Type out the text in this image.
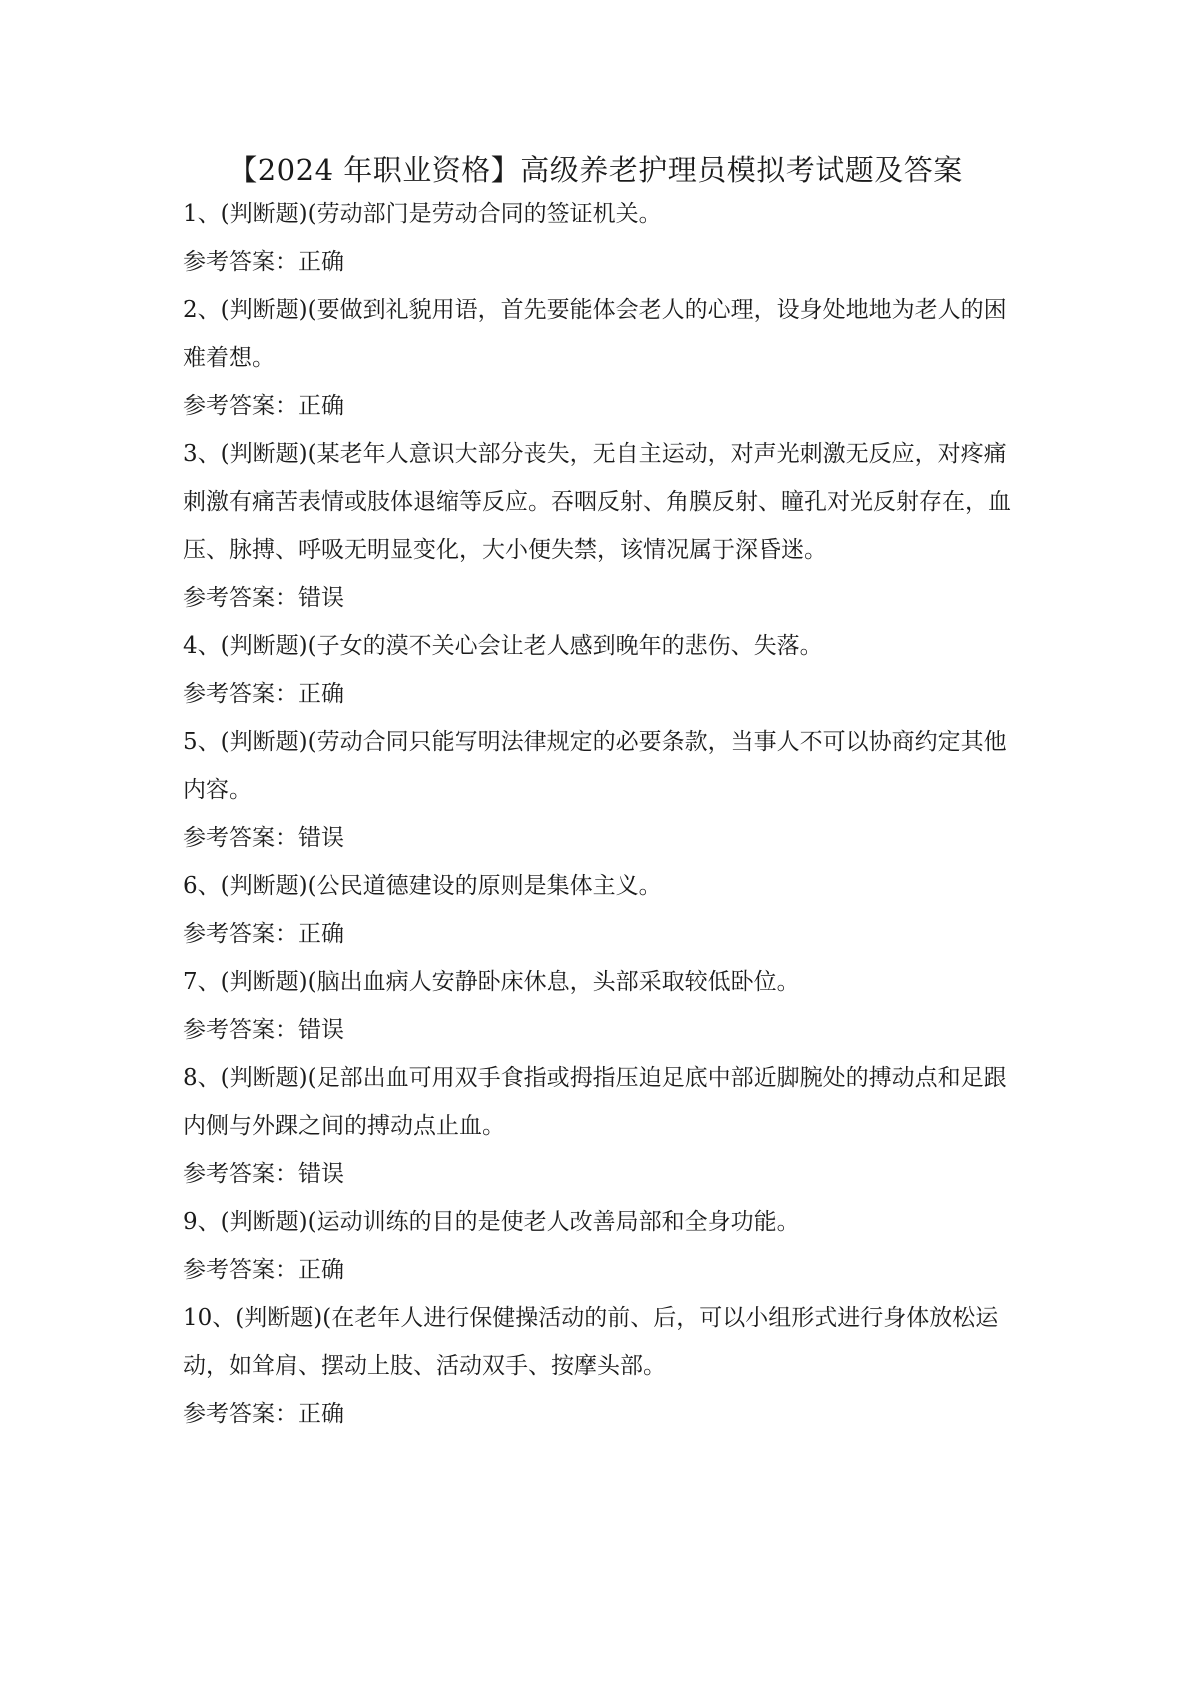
【2024 年职业资格】高级养老护理员模拟考试题及答案

1、(判断题)(劳动部门是劳动合同的签证机关。

参考答案：正确

2、(判断题)(要做到礼貌用语，首先要能体会老人的心理，设身处地地为老人的困难着想。

参考答案：正确

3、(判断题)(某老年人意识大部分丧失，无自主运动，对声光刺激无反应，对疼痛刺激有痛苦表情或肢体退缩等反应。吞咽反射、角膜反射、瞳孔对光反射存在，血压、脉搏、呼吸无明显变化，大小便失禁，该情况属于深昏迷。

参考答案：错误

4、(判断题)(子女的漠不关心会让老人感到晚年的悲伤、失落。

参考答案：正确

5、(判断题)(劳动合同只能写明法律规定的必要条款，当事人不可以协商约定其他内容。

参考答案：错误

6、(判断题)(公民道德建设的原则是集体主义。

参考答案：正确

7、(判断题)(脑出血病人安静卧床休息，头部采取较低卧位。

参考答案：错误

8、(判断题)(足部出血可用双手食指或拇指压迫足底中部近脚腕处的搏动点和足跟内侧与外踝之间的搏动点止血。

参考答案：错误

9、(判断题)(运动训练的目的是使老人改善局部和全身功能。

参考答案：正确

10、(判断题)(在老年人进行保健操活动的前、后，可以小组形式进行身体放松运动，如耸肩、摆动上肢、活动双手、按摩头部。

参考答案：正确
